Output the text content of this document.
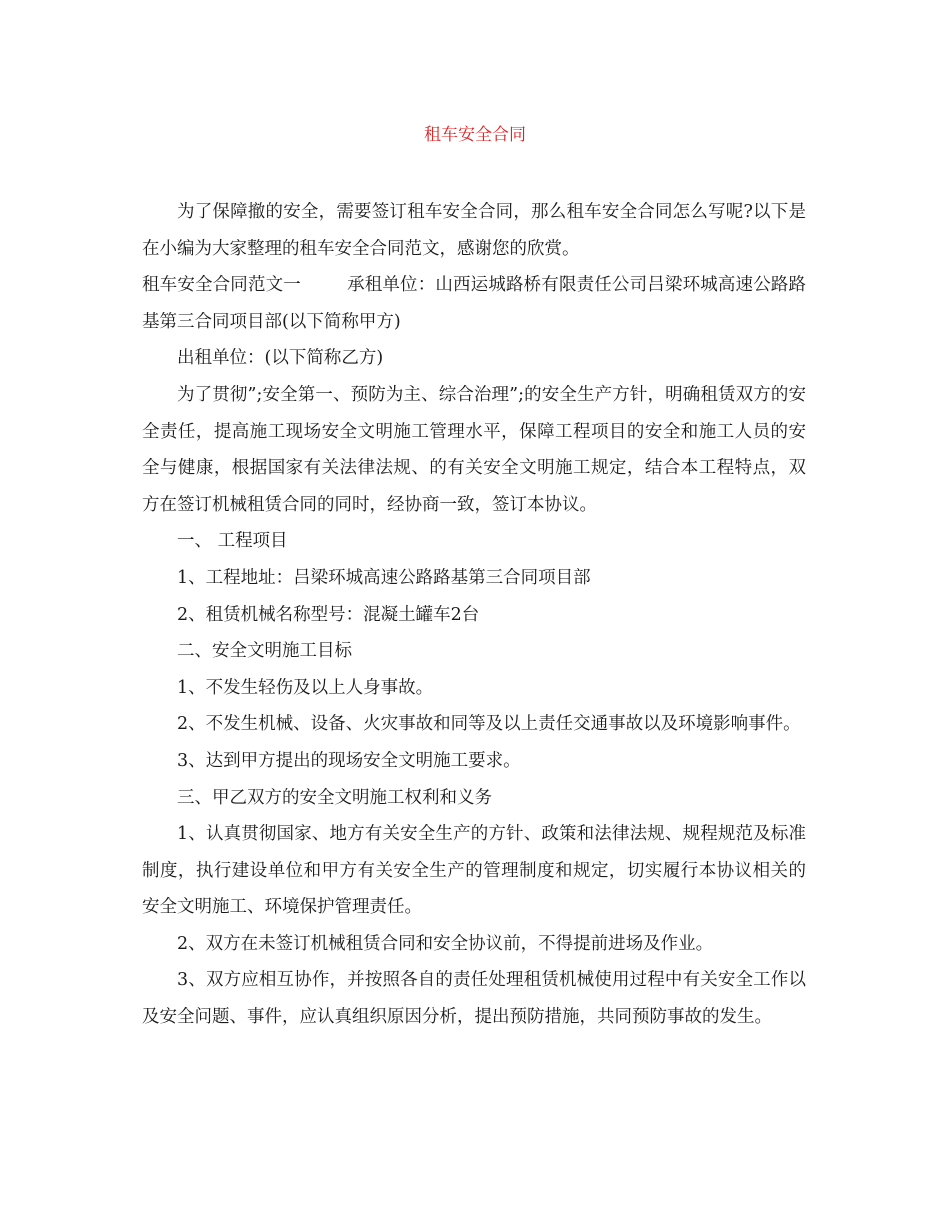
租车安全合同

为了保障撤的安全，需要签订租车安全合同，那么租车安全合同怎么写呢?以下是在小编为大家整理的租车安全合同范文，感谢您的欣赏。

租车安全合同范文一	承租单位：山西运城路桥有限责任公司吕梁环城高速公路路基第三合同项目部(以下简称甲方)

出租单位：(以下简称乙方)

为了贯彻”;安全第一、预防为主、综合治理”;的安全生产方针，明确租赁双方的安全责任，提高施工现场安全文明施工管理水平，保障工程项目的安全和施工人员的安全与健康，根据国家有关法律法规、的有关安全文明施工规定，结合本工程特点，双方在签订机械租赁合同的同时，经协商一致，签订本协议。

一、 工程项目

1、工程地址：吕梁环城高速公路路基第三合同项目部

2、租赁机械名称型号：混凝土罐车2台

二、安全文明施工目标

1、不发生轻伤及以上人身事故。

2、不发生机械、设备、火灾事故和同等及以上责任交通事故以及环境影响事件。

3、达到甲方提出的现场安全文明施工要求。

三、甲乙双方的安全文明施工权利和义务

1、认真贯彻国家、地方有关安全生产的方针、政策和法律法规、规程规范及标准制度，执行建设单位和甲方有关安全生产的管理制度和规定，切实履行本协议相关的安全文明施工、环境保护管理责任。

2、双方在未签订机械租赁合同和安全协议前，不得提前进场及作业。

3、双方应相互协作，并按照各自的责任处理租赁机械使用过程中有关安全工作以及安全问题、事件，应认真组织原因分析，提出预防措施，共同预防事故的发生。
